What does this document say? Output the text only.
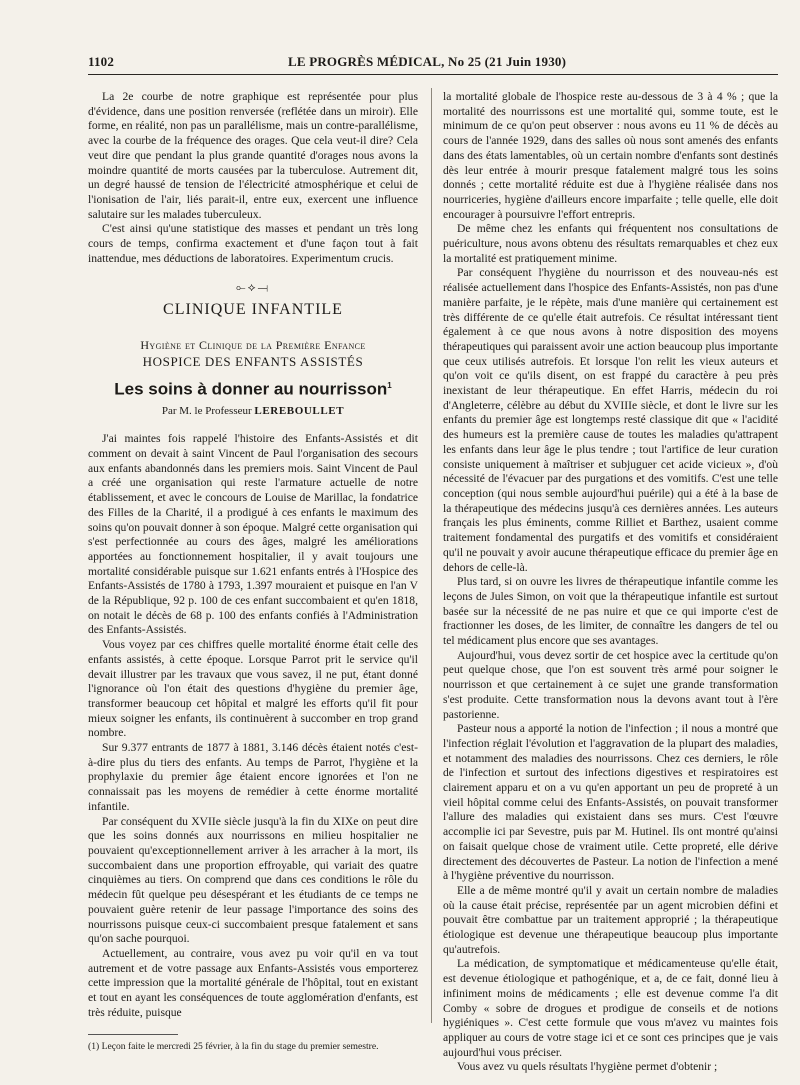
1102	LE PROGRÈS MÉDICAL, No 25 (21 Juin 1930)

La 2e courbe de notre graphique est représentée pour plus d'évidence, dans une position renversée (reflétée dans un miroir). Elle forme, en réalité, non pas un parallélisme, mais un contre-parallélisme, avec la courbe de la fréquence des orages. Que cela veut-il dire? Cela veut dire que pendant la plus grande quantité d'orages nous avons la moindre quantité de morts causées par la tuberculose. Autrement dit, un degré haussé de tension de l'électricité atmosphérique et celui de l'ionisation de l'air, liés parait-il, entre eux, exercent une influence salutaire sur les malades tuberculeux.

C'est ainsi qu'une statistique des masses et pendant un très long cours de temps, confirma exactement et d'une façon tout à fait inattendue, mes déductions de laboratoires. Experimentum crucis.

⟜⟡⟞
CLINIQUE INFANTILE
Hygiène et Clinique de la Première Enfance
HOSPICE DES ENFANTS ASSISTÉS
Les soins à donner au nourrisson$^1$
Par M. le Professeur LEREBOULLET

J'ai maintes fois rappelé l'histoire des Enfants-Assistés et dit comment on devait à saint Vincent de Paul l'organisation des secours aux enfants abandonnés dans les premiers mois. Saint Vincent de Paul a créé une organisation qui reste l'armature actuelle de notre établissement, et avec le concours de Louise de Marillac, la fondatrice des Filles de la Charité, il a prodigué à ces enfants le maximum des soins qu'on pouvait donner à son époque. Malgré cette organisation qui s'est perfectionnée au cours des âges, malgré les améliorations apportées au fonctionnement hospitalier, il y avait toujours une mortalité considérable puisque sur 1.621 enfants entrés à l'Hospice des Enfants-Assistés de 1780 à 1793, 1.397 mouraient et puisque en l'an V de la République, 92 p. 100 de ces enfant succombaient et qu'en 1818, on notait le décès de 68 p. 100 des enfants confiés à l'Administration des Enfants-Assistés.

Vous voyez par ces chiffres quelle mortalité énorme était celle des enfants assistés, à cette époque. Lorsque Parrot prit le service qu'il devait illustrer par les travaux que vous savez, il ne put, étant donné l'ignorance où l'on était des questions d'hygiène du premier âge, transformer beaucoup cet hôpital et malgré les efforts qu'il fit pour mieux soigner les enfants, ils continuèrent à succomber en trop grand nombre.

Sur 9.377 entrants de 1877 à 1881, 3.146 décès étaient notés c'est-à-dire plus du tiers des enfants. Au temps de Parrot, l'hygiène et la prophylaxie du premier âge étaient encore ignorées et l'on ne connaissait pas les moyens de remédier à cette énorme mortalité infantile.

Par conséquent du XVIIe siècle jusqu'à la fin du XIXe on peut dire que les soins donnés aux nourrissons en milieu hospitalier ne pouvaient qu'exceptionnellement arriver à les arracher à la mort, ils succombaient dans une proportion effroyable, qui variait des quatre cinquièmes au tiers. On comprend que dans ces conditions le rôle du médecin fût quelque peu désespérant et les étudiants de ce temps ne pouvaient guère retenir de leur passage l'importance des soins des nourrissons puisque ceux-ci succombaient presque fatalement et sans qu'on sache pourquoi.

Actuellement, au contraire, vous avez pu voir qu'il en va tout autrement et de votre passage aux Enfants-Assistés vous emporterez cette impression que la mortalité générale de l'hôpital, tout en existant et tout en ayant les conséquences de toute agglomération d'enfants, est très réduite, puisque

(1) Leçon faite le mercredi 25 février, à la fin du stage du premier semestre.

la mortalité globale de l'hospice reste au-dessous de 3 à 4 % ; que la mortalité des nourrissons est une mortalité qui, somme toute, est le minimum de ce qu'on peut observer : nous avons eu 11 % de décès au cours de l'année 1929, dans des salles où nous sont amenés des enfants dans des états lamentables, où un certain nombre d'enfants sont destinés dès leur entrée à mourir presque fatalement malgré tous les soins donnés ; cette mortalité réduite est due à l'hygiène réalisée dans nos nourriceries, hygiène d'ailleurs encore imparfaite ; telle quelle, elle doit encourager à poursuivre l'effort entrepris.

De même chez les enfants qui fréquentent nos consultations de puériculture, nous avons obtenu des résultats remarquables et chez eux la mortalité est pratiquement minime.

Par conséquent l'hygiène du nourrisson et des nouveau-nés est réalisée actuellement dans l'hospice des Enfants-Assistés, non pas d'une manière parfaite, je le répète, mais d'une manière qui certainement est très différente de ce qu'elle était autrefois. Ce résultat intéressant tient également à ce que nous avons à notre disposition des moyens thérapeutiques qui paraissent avoir une action beaucoup plus importante que ceux utilisés autrefois. Et lorsque l'on relit les vieux auteurs et qu'on voit ce qu'ils disent, on est frappé du caractère à peu près inexistant de leur thérapeutique. En effet Harris, médecin du roi d'Angleterre, célèbre au début du XVIIIe siècle, et dont le livre sur les enfants du premier âge est longtemps resté classique dit que « l'acidité des humeurs est la première cause de toutes les maladies qu'attrapent les enfants dans leur âge le plus tendre ; tout l'artifice de leur curation consiste uniquement à maîtriser et subjuguer cet acide vicieux », d'où nécessité de l'évacuer par des purgations et des vomitifs. C'est une telle conception (qui nous semble aujourd'hui puérile) qui a été à la base de la thérapeutique des médecins jusqu'à ces dernières années. Les auteurs français les plus éminents, comme Rilliet et Barthez, usaient comme traitement fondamental des purgatifs et des vomitifs et considéraient qu'il ne pouvait y avoir aucune thérapeutique efficace du premier âge en dehors de celle-là.

Plus tard, si on ouvre les livres de thérapeutique infantile comme les leçons de Jules Simon, on voit que la thérapeutique infantile est surtout basée sur la nécessité de ne pas nuire et que ce qui importe c'est de fractionner les doses, de les limiter, de connaître les dangers de tel ou tel médicament plus encore que ses avantages.

Aujourd'hui, vous devez sortir de cet hospice avec la certitude qu'on peut quelque chose, que l'on est souvent très armé pour soigner le nourrisson et que certainement à ce sujet une grande transformation s'est produite. Cette transformation nous la devons avant tout à l'ère pastorienne.

Pasteur nous a apporté la notion de l'infection ; il nous a montré que l'infection réglait l'évolution et l'aggravation de la plupart des maladies, et notamment des maladies des nourrissons. Chez ces derniers, le rôle de l'infection et surtout des infections digestives et respiratoires est clairement apparu et on a vu qu'en apportant un peu de propreté à un vieil hôpital comme celui des Enfants-Assistés, on pouvait transformer l'allure des maladies qui existaient dans ses murs. C'est l'œuvre accomplie ici par Sevestre, puis par M. Hutinel. Ils ont montré qu'ainsi on faisait quelque chose de vraiment utile. Cette propreté, elle dérive directement des découvertes de Pasteur. La notion de l'infection a mené à l'hygiène préventive du nourrisson.

Elle a de même montré qu'il y avait un certain nombre de maladies où la cause était précise, représentée par un agent microbien défini et pouvait être combattue par un traitement approprié ; la thérapeutique étiologique est devenue une thérapeutique beaucoup plus importante qu'autrefois.

La médication, de symptomatique et médicamenteuse qu'elle était, est devenue étiologique et pathogénique, et a, de ce fait, donné lieu à infiniment moins de médicaments ; elle est devenue comme l'a dit Comby « sobre de drogues et prodigue de conseils et de notions hygiéniques ». C'est cette formule que vous m'avez vu maintes fois appliquer au cours de votre stage ici et ce sont ces principes que je vais aujourd'hui vous préciser.

Vous avez vu quels résultats l'hygiène permet d'obtenir ;
